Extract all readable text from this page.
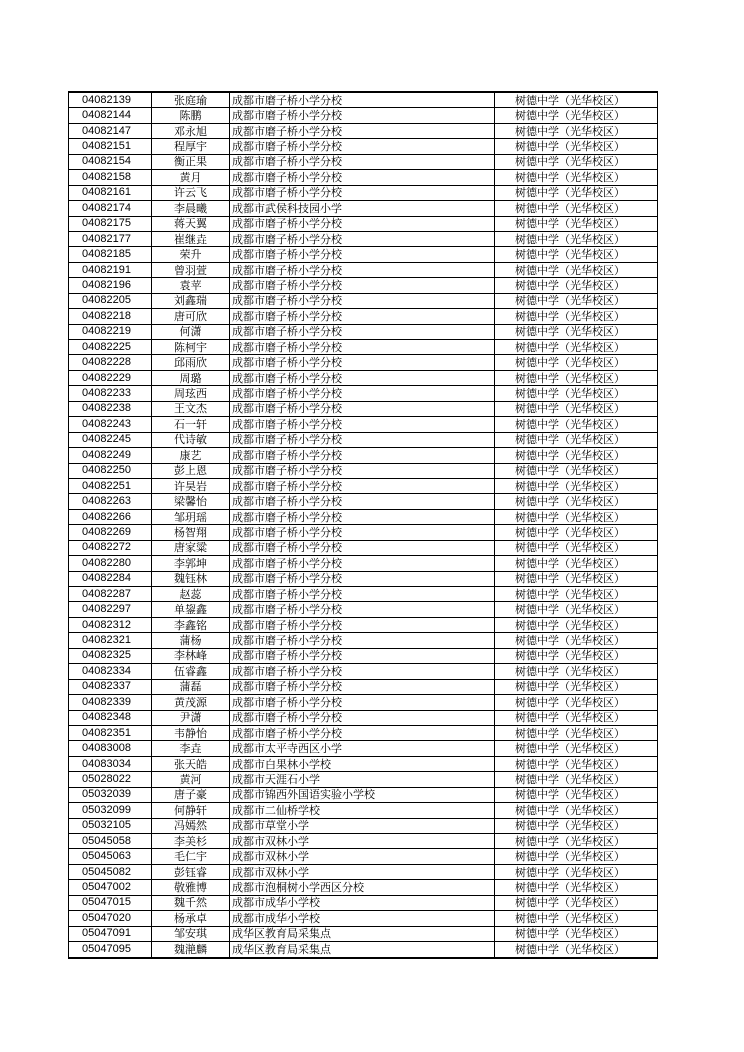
04082139	张庭瑜	成都市磨子桥小学分校	树德中学（光华校区）
04082144	陈鹏	成都市磨子桥小学分校	树德中学（光华校区）
04082147	邓永旭	成都市磨子桥小学分校	树德中学（光华校区）
04082151	程厚宇	成都市磨子桥小学分校	树德中学（光华校区）
04082154	衡正果	成都市磨子桥小学分校	树德中学（光华校区）
04082158	黄月	成都市磨子桥小学分校	树德中学（光华校区）
04082161	许云飞	成都市磨子桥小学分校	树德中学（光华校区）
04082174	李晨曦	成都市武侯科技园小学	树德中学（光华校区）
04082175	蒋天翼	成都市磨子桥小学分校	树德中学（光华校区）
04082177	崔继垚	成都市磨子桥小学分校	树德中学（光华校区）
04082185	荣升	成都市磨子桥小学分校	树德中学（光华校区）
04082191	曾羽萱	成都市磨子桥小学分校	树德中学（光华校区）
04082196	袁苹	成都市磨子桥小学分校	树德中学（光华校区）
04082205	刘鑫瑞	成都市磨子桥小学分校	树德中学（光华校区）
04082218	唐可欣	成都市磨子桥小学分校	树德中学（光华校区）
04082219	何潇	成都市磨子桥小学分校	树德中学（光华校区）
04082225	陈柯宇	成都市磨子桥小学分校	树德中学（光华校区）
04082228	邱雨欣	成都市磨子桥小学分校	树德中学（光华校区）
04082229	周璐	成都市磨子桥小学分校	树德中学（光华校区）
04082233	周玹西	成都市磨子桥小学分校	树德中学（光华校区）
04082238	王文杰	成都市磨子桥小学分校	树德中学（光华校区）
04082243	石一轩	成都市磨子桥小学分校	树德中学（光华校区）
04082245	代诗敏	成都市磨子桥小学分校	树德中学（光华校区）
04082249	康艺	成都市磨子桥小学分校	树德中学（光华校区）
04082250	彭上恩	成都市磨子桥小学分校	树德中学（光华校区）
04082251	许昊岩	成都市磨子桥小学分校	树德中学（光华校区）
04082263	梁馨怡	成都市磨子桥小学分校	树德中学（光华校区）
04082266	邹玥瑶	成都市磨子桥小学分校	树德中学（光华校区）
04082269	杨智翔	成都市磨子桥小学分校	树德中学（光华校区）
04082272	唐家粱	成都市磨子桥小学分校	树德中学（光华校区）
04082280	李郭坤	成都市磨子桥小学分校	树德中学（光华校区）
04082284	魏钰林	成都市磨子桥小学分校	树德中学（光华校区）
04082287	赵蕊	成都市磨子桥小学分校	树德中学（光华校区）
04082297	单鋆鑫	成都市磨子桥小学分校	树德中学（光华校区）
04082312	李鑫铭	成都市磨子桥小学分校	树德中学（光华校区）
04082321	蒲杨	成都市磨子桥小学分校	树德中学（光华校区）
04082325	李林峰	成都市磨子桥小学分校	树德中学（光华校区）
04082334	伍睿鑫	成都市磨子桥小学分校	树德中学（光华校区）
04082337	蒲磊	成都市磨子桥小学分校	树德中学（光华校区）
04082339	黄茂源	成都市磨子桥小学分校	树德中学（光华校区）
04082348	尹潇	成都市磨子桥小学分校	树德中学（光华校区）
04082351	韦静怡	成都市磨子桥小学分校	树德中学（光华校区）
04083008	李垚	成都市太平寺西区小学	树德中学（光华校区）
04083034	张天皓	成都市白果林小学校	树德中学（光华校区）
05028022	黄河	成都市天涯石小学	树德中学（光华校区）
05032039	唐子豪	成都市锦西外国语实验小学校	树德中学（光华校区）
05032099	何静轩	成都市二仙桥学校	树德中学（光华校区）
05032105	冯嫣然	成都市草堂小学	树德中学（光华校区）
05045058	李美杉	成都市双林小学	树德中学（光华校区）
05045063	毛仁宇	成都市双林小学	树德中学（光华校区）
05045082	彭钰睿	成都市双林小学	树德中学（光华校区）
05047002	敬雅博	成都市泡桐树小学西区分校	树德中学（光华校区）
05047015	魏千然	成都市成华小学校	树德中学（光华校区）
05047020	杨承卓	成都市成华小学校	树德中学（光华校区）
05047091	邹安琪	成华区教育局采集点	树德中学（光华校区）
05047095	魏滟麟	成华区教育局采集点	树德中学（光华校区）
